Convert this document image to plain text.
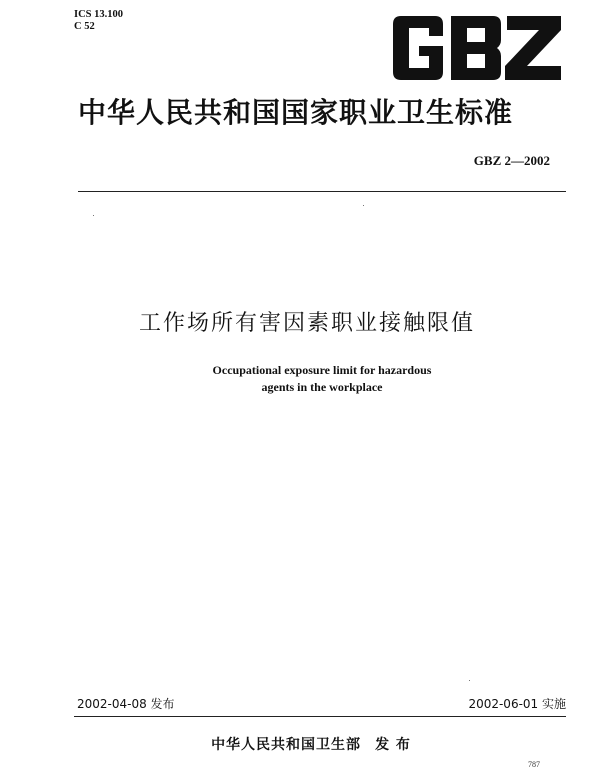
ICS 13.100
C 52
中华人民共和国国家职业卫生标准
GBZ 2—2002
工作场所有害因素职业接触限值
Occupational exposure limit for hazardous
agents in the workplace
2002-04-08 发布	2002-06-01 实施
中华人民共和国卫生部 发 布
787
